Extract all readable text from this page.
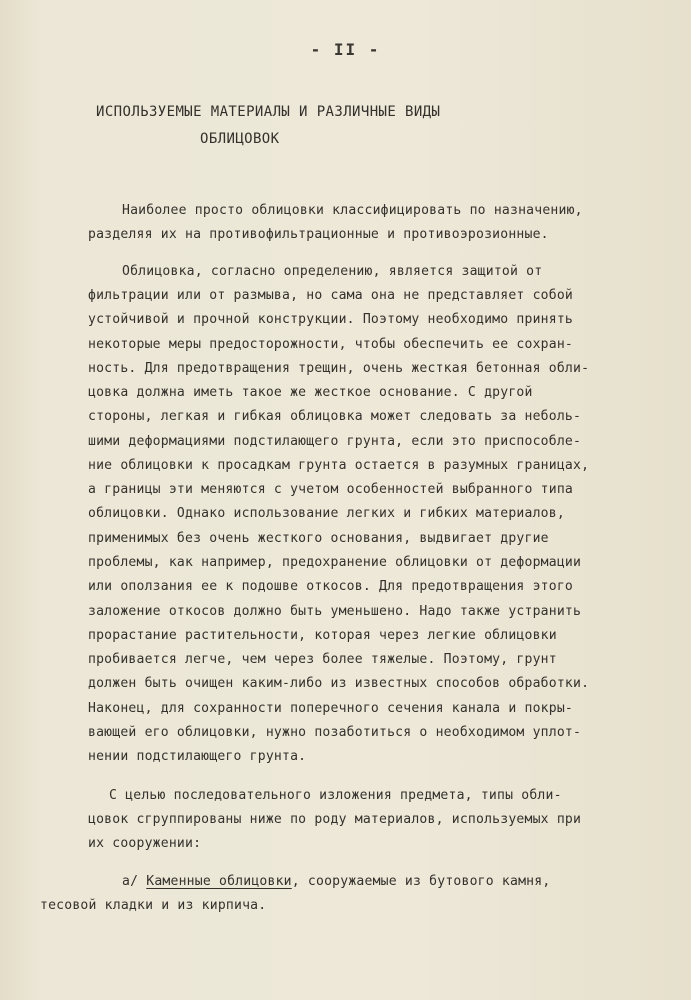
- II -
ИСПОЛЬЗУЕМЫЕ МАТЕРИАЛЫ И РАЗЛИЧНЫЕ ВИДЫ
ОБЛИЦОВОК
Наиболее просто облицовки классифицировать по назначению,
разделяя их на противофильтрационные и противоэрозионные.
Облицовка, согласно определению, является защитой от
фильтрации или от размыва, но сама она не представляет собой
устойчивой и прочной конструкции. Поэтому необходимо принять
некоторые меры предосторожности, чтобы обеспечить ее сохран-
ность. Для предотвращения трещин, очень жесткая бетонная обли-
цовка должна иметь такое же жесткое основание. С другой
стороны, легкая и гибкая облицовка может следовать за неболь-
шими деформациями подстилающего грунта, если это приспособле-
ние облицовки к просадкам грунта остается в разумных границах,
а границы эти меняются с учетом особенностей выбранного типа
облицовки. Однако использование легких и гибких материалов,
применимых без очень жесткого основания, выдвигает другие
проблемы, как например, предохранение облицовки от деформации
или оползания ее к подошве откосов. Для предотвращения этого
заложение откосов должно быть уменьшено. Надо также устранить
прорастание растительности, которая через легкие облицовки
пробивается легче, чем через более тяжелые. Поэтому, грунт
должен быть очищен каким-либо из известных способов обработки.
Наконец, для сохранности поперечного сечения канала и покры-
вающей его облицовки, нужно позаботиться о необходимом уплот-
нении подстилающего грунта.
С целью последовательного изложения предмета, типы обли-
цовок сгруппированы ниже по роду материалов, используемых при
их сооружении:
а/ Каменные облицовки, сооружаемые из бутового камня,
тесовой кладки и из кирпича.
